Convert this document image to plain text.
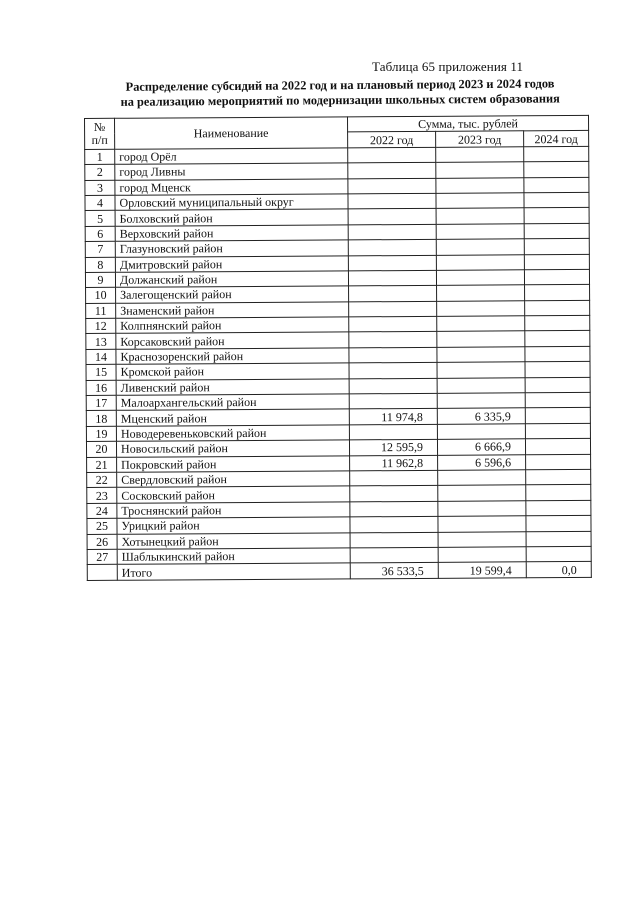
Таблица 65 приложения 11
Распределение субсидий на 2022 год и на плановый период 2023 и 2024 годов
на реализацию мероприятий по модернизации школьных систем образования
№ п/п	Наименование	Сумма, тыс. рублей		
		2022 год	2023 год	2024 год
1	город Орёл			
2	город Ливны			
3	город Мценск			
4	Орловский муниципальный округ			
5	Болховский район			
6	Верховский район			
7	Глазуновский район			
8	Дмитровский район			
9	Должанский район			
10	Залегощенский район			
11	Знаменский район			
12	Колпнянский район			
13	Корсаковский район			
14	Краснозоренский район			
15	Кромской район			
16	Ливенский район			
17	Малоархангельский район			
18	Мценский район	11 974,8	6 335,9	
19	Новодеревеньковский район			
20	Новосильский район	12 595,9	6 666,9	
21	Покровский район	11 962,8	6 596,6	
22	Свердловский район			
23	Сосковский район			
24	Троснянский район			
25	Урицкий район			
26	Хотынецкий район			
27	Шаблыкинский район			
	Итого	36 533,5	19 599,4	0,0
